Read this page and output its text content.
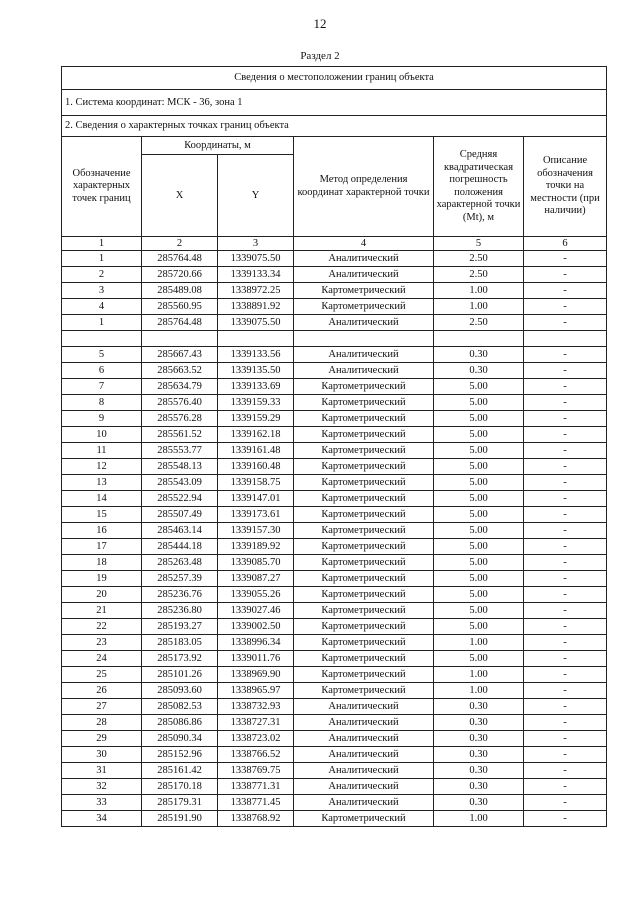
12
Раздел 2
Сведения о местоположении границ объекта					
1. Система координат: МСК - 36, зона 1					
2. Сведения о характерных точках границ объекта					
Обозначение характерных точек границ	Координаты, м		Метод определения координат характерной точки	Средняя квадратическая погрешность положения характерной точки (Mt), м	Описание обозначения точки на местности (при наличии)
	X	Y			
1	2	3	4	5	6
1	285764.48	1339075.50	Аналитический	2.50	-
2	285720.66	1339133.34	Аналитический	2.50	-
3	285489.08	1338972.25	Картометрический	1.00	-
4	285560.95	1338891.92	Картометрический	1.00	-
1	285764.48	1339075.50	Аналитический	2.50	-

5	285667.43	1339133.56	Аналитический	0.30	-
6	285663.52	1339135.50	Аналитический	0.30	-
7	285634.79	1339133.69	Картометрический	5.00	-
8	285576.40	1339159.33	Картометрический	5.00	-
9	285576.28	1339159.29	Картометрический	5.00	-
10	285561.52	1339162.18	Картометрический	5.00	-
11	285553.77	1339161.48	Картометрический	5.00	-
12	285548.13	1339160.48	Картометрический	5.00	-
13	285543.09	1339158.75	Картометрический	5.00	-
14	285522.94	1339147.01	Картометрический	5.00	-
15	285507.49	1339173.61	Картометрический	5.00	-
16	285463.14	1339157.30	Картометрический	5.00	-
17	285444.18	1339189.92	Картометрический	5.00	-
18	285263.48	1339085.70	Картометрический	5.00	-
19	285257.39	1339087.27	Картометрический	5.00	-
20	285236.76	1339055.26	Картометрический	5.00	-
21	285236.80	1339027.46	Картометрический	5.00	-
22	285193.27	1339002.50	Картометрический	5.00	-
23	285183.05	1338996.34	Картометрический	1.00	-
24	285173.92	1339011.76	Картометрический	5.00	-
25	285101.26	1338969.90	Картометрический	1.00	-
26	285093.60	1338965.97	Картометрический	1.00	-
27	285082.53	1338732.93	Аналитический	0.30	-
28	285086.86	1338727.31	Аналитический	0.30	-
29	285090.34	1338723.02	Аналитический	0.30	-
30	285152.96	1338766.52	Аналитический	0.30	-
31	285161.42	1338769.75	Аналитический	0.30	-
32	285170.18	1338771.31	Аналитический	0.30	-
33	285179.31	1338771.45	Аналитический	0.30	-
34	285191.90	1338768.92	Картометрический	1.00	-
